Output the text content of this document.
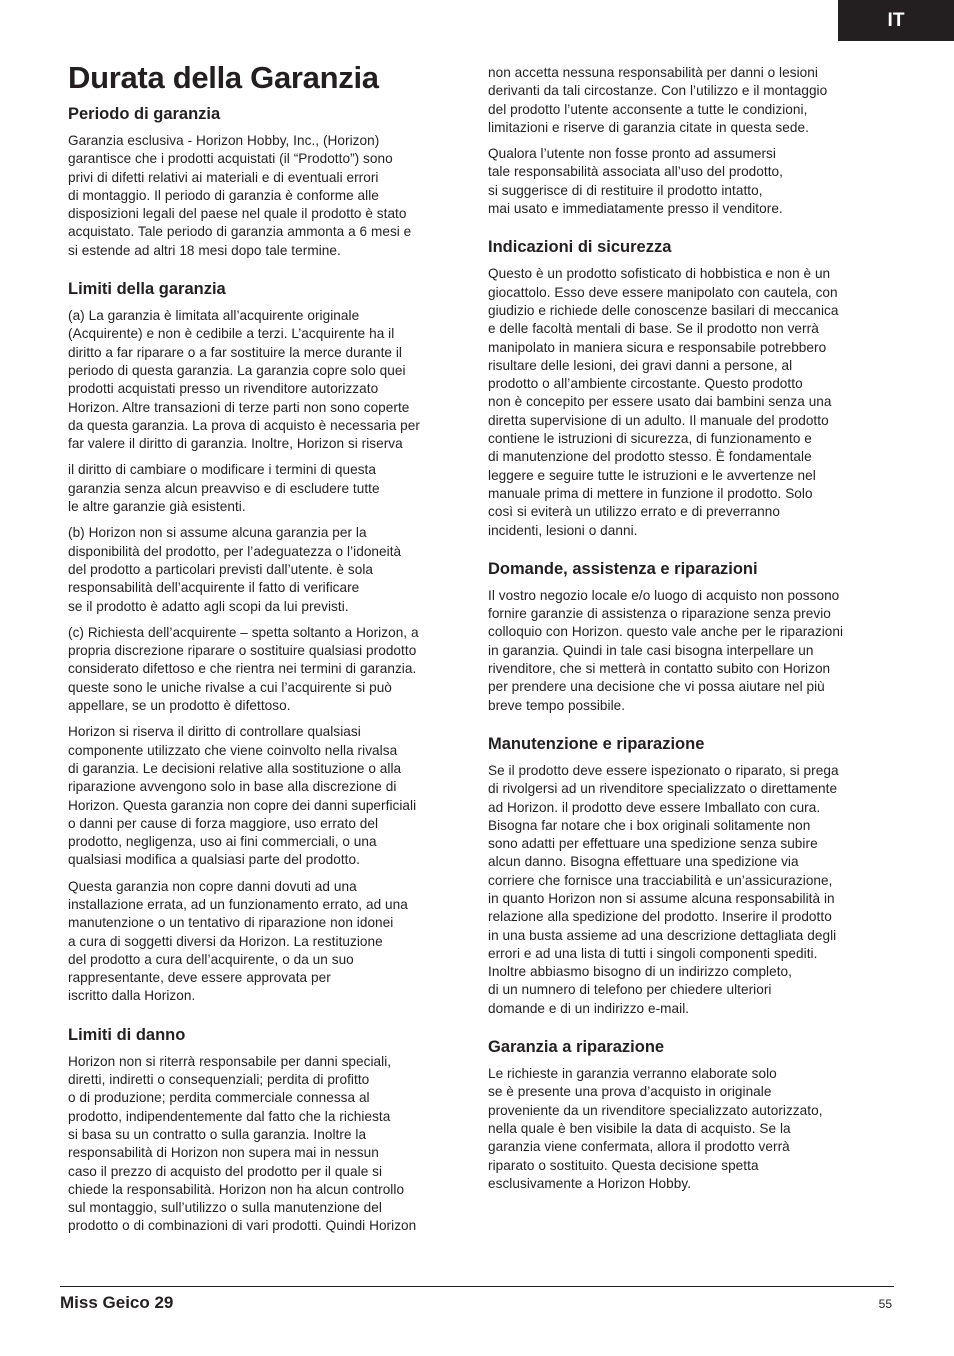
IT
Durata della Garanzia
Periodo di garanzia

Garanzia esclusiva - Horizon Hobby, Inc., (Horizon)
garantisce che i prodotti acquistati (il “Prodotto”) sono
privi di difetti relativi ai materiali e di eventuali errori
di montaggio. Il periodo di garanzia è conforme alle
disposizioni legali del paese nel quale il prodotto è stato
acquistato. Tale periodo di garanzia ammonta a 6 mesi e
si estende ad altri 18 mesi dopo tale termine.

Limiti della garanzia

(a) La garanzia è limitata all’acquirente originale
(Acquirente) e non è cedibile a terzi. L’acquirente ha il
diritto a far riparare o a far sostituire la merce durante il
periodo di questa garanzia. La garanzia copre solo quei
prodotti acquistati presso un rivenditore autorizzato
Horizon. Altre transazioni di terze parti non sono coperte
da questa garanzia. La prova di acquisto è necessaria per
far valere il diritto di garanzia. Inoltre, Horizon si riserva

il diritto di cambiare o modificare i termini di questa
garanzia senza alcun preavviso e di escludere tutte
le altre garanzie già esistenti.

(b) Horizon non si assume alcuna garanzia per la
disponibilità del prodotto, per l’adeguatezza o l’idoneità
del prodotto a particolari previsti dall’utente. è sola
responsabilità dell’acquirente il fatto di verificare
se il prodotto è adatto agli scopi da lui previsti.

(c) Richiesta dell’acquirente – spetta soltanto a Horizon, a
propria discrezione riparare o sostituire qualsiasi prodotto
considerato difettoso e che rientra nei termini di garanzia.
queste sono le uniche rivalse a cui l’acquirente si può
appellare, se un prodotto è difettoso.

Horizon si riserva il diritto di controllare qualsiasi
componente utilizzato che viene coinvolto nella rivalsa
di garanzia. Le decisioni relative alla sostituzione o alla
riparazione avvengono solo in base alla discrezione di
Horizon. Questa garanzia non copre dei danni superficiali
o danni per cause di forza maggiore, uso errato del
prodotto, negligenza, uso ai fini commerciali, o una
qualsiasi modifica a qualsiasi parte del prodotto.

Questa garanzia non copre danni dovuti ad una
installazione errata, ad un funzionamento errato, ad una
manutenzione o un tentativo di riparazione non idonei
a cura di soggetti diversi da Horizon. La restituzione
del prodotto a cura dell’acquirente, o da un suo
rappresentante, deve essere approvata per
iscritto dalla Horizon.

Limiti di danno

Horizon non si riterrà responsabile per danni speciali,
diretti, indiretti o consequenziali; perdita di profitto
o di produzione; perdita commerciale connessa al
prodotto, indipendentemente dal fatto che la richiesta
si basa su un contratto o sulla garanzia. Inoltre la
responsabilità di Horizon non supera mai in nessun
caso il prezzo di acquisto del prodotto per il quale si
chiede la responsabilità. Horizon non ha alcun controllo
sul montaggio, sull’utilizzo o sulla manutenzione del
prodotto o di combinazioni di vari prodotti. Quindi Horizon

non accetta nessuna responsabilità per danni o lesioni
derivanti da tali circostanze. Con l’utilizzo e il montaggio
del prodotto l’utente acconsente a tutte le condizioni,
limitazioni e riserve di garanzia citate in questa sede.

Qualora l’utente non fosse pronto ad assumersi
tale responsabilità associata all’uso del prodotto,
si suggerisce di di restituire il prodotto intatto,
mai usato e immediatamente presso il venditore.

Indicazioni di sicurezza

Questo è un prodotto sofisticato di hobbistica e non è un
giocattolo. Esso deve essere manipolato con cautela, con
giudizio e richiede delle conoscenze basilari di meccanica
e delle facoltà mentali di base. Se il prodotto non verrà
manipolato in maniera sicura e responsabile potrebbero
risultare delle lesioni, dei gravi danni a persone, al
prodotto o all’ambiente circostante. Questo prodotto
non è concepito per essere usato dai bambini senza una
diretta supervisione di un adulto. Il manuale del prodotto
contiene le istruzioni di sicurezza, di funzionamento e
di manutenzione del prodotto stesso. È fondamentale
leggere e seguire tutte le istruzioni e le avvertenze nel
manuale prima di mettere in funzione il prodotto. Solo
così si eviterà un utilizzo errato e di preverranno
incidenti, lesioni o danni.

Domande, assistenza e riparazioni

Il vostro negozio locale e/o luogo di acquisto non possono
fornire garanzie di assistenza o riparazione senza previo
colloquio con Horizon. questo vale anche per le riparazioni
in garanzia. Quindi in tale casi bisogna interpellare un
rivenditore, che si metterà in contatto subito con Horizon
per prendere una decisione che vi possa aiutare nel più
breve tempo possibile.

Manutenzione e riparazione

Se il prodotto deve essere ispezionato o riparato, si prega
di rivolgersi ad un rivenditore specializzato o direttamente
ad Horizon. il prodotto deve essere Imballato con cura.
Bisogna far notare che i box originali solitamente non
sono adatti per effettuare una spedizione senza subire
alcun danno. Bisogna effettuare una spedizione via
corriere che fornisce una tracciabilità e un’assicurazione,
in quanto Horizon non si assume alcuna responsabilità in
relazione alla spedizione del prodotto. Inserire il prodotto
in una busta assieme ad una descrizione dettagliata degli
errori e ad una lista di tutti i singoli componenti spediti.
Inoltre abbiasmo bisogno di un indirizzo completo,
di un numnero di telefono per chiedere ulteriori
domande e di un indirizzo e-mail.

Garanzia a riparazione

Le richieste in garanzia verranno elaborate solo
se è presente una prova d’acquisto in originale
proveniente da un rivenditore specializzato autorizzato,
nella quale è ben visibile la data di acquisto. Se la
garanzia viene confermata, allora il prodotto verrà
riparato o sostituito. Questa decisione spetta
esclusivamente a Horizon Hobby.

Miss Geico 29	55
